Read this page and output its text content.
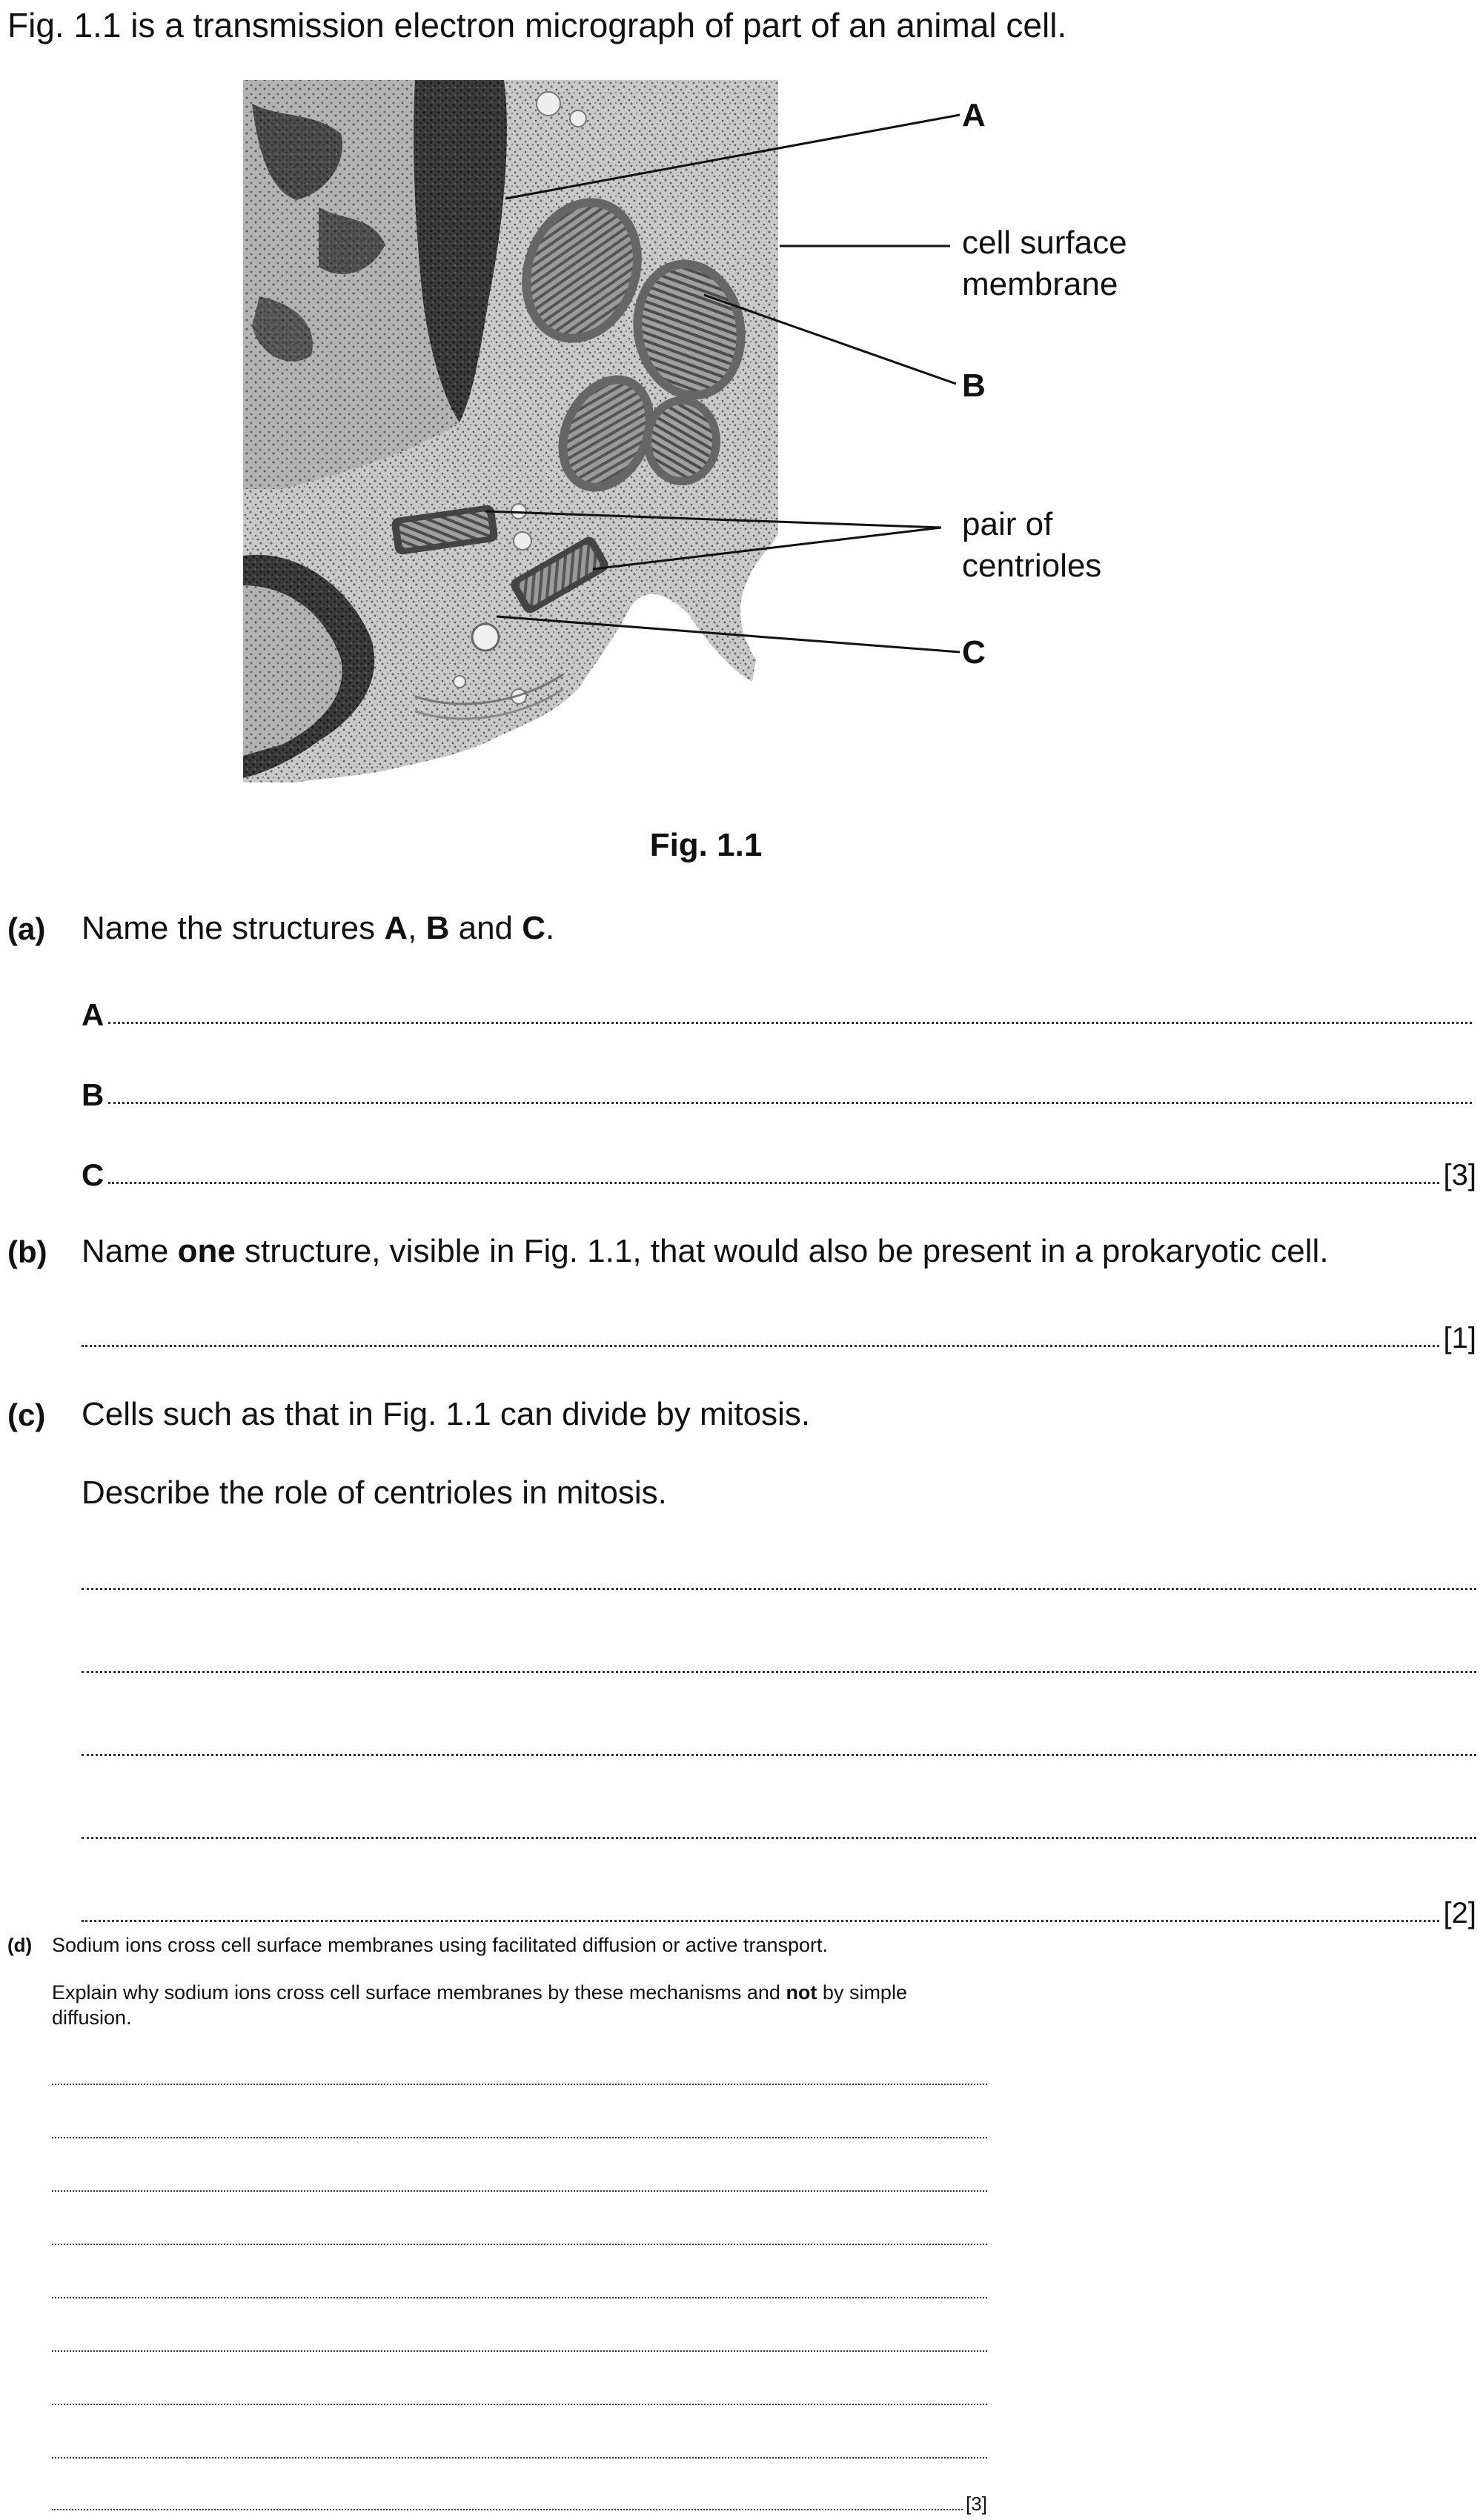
Fig. 1.1 is a transmission electron micrograph of part of an animal cell.
A
cell surface
membrane
B
pair of
centrioles
C
Fig. 1.1
(a) Name the structures A, B and C.
A
B
C	[3]
(b) Name one structure, visible in Fig. 1.1, that would also be present in a prokaryotic cell.
[1]
(c) Cells such as that in Fig. 1.1 can divide by mitosis.
Describe the role of centrioles in mitosis.
[2]
(d) Sodium ions cross cell surface membranes using facilitated diffusion or active transport.
Explain why sodium ions cross cell surface membranes by these mechanisms and not by simple diffusion.
[3]
